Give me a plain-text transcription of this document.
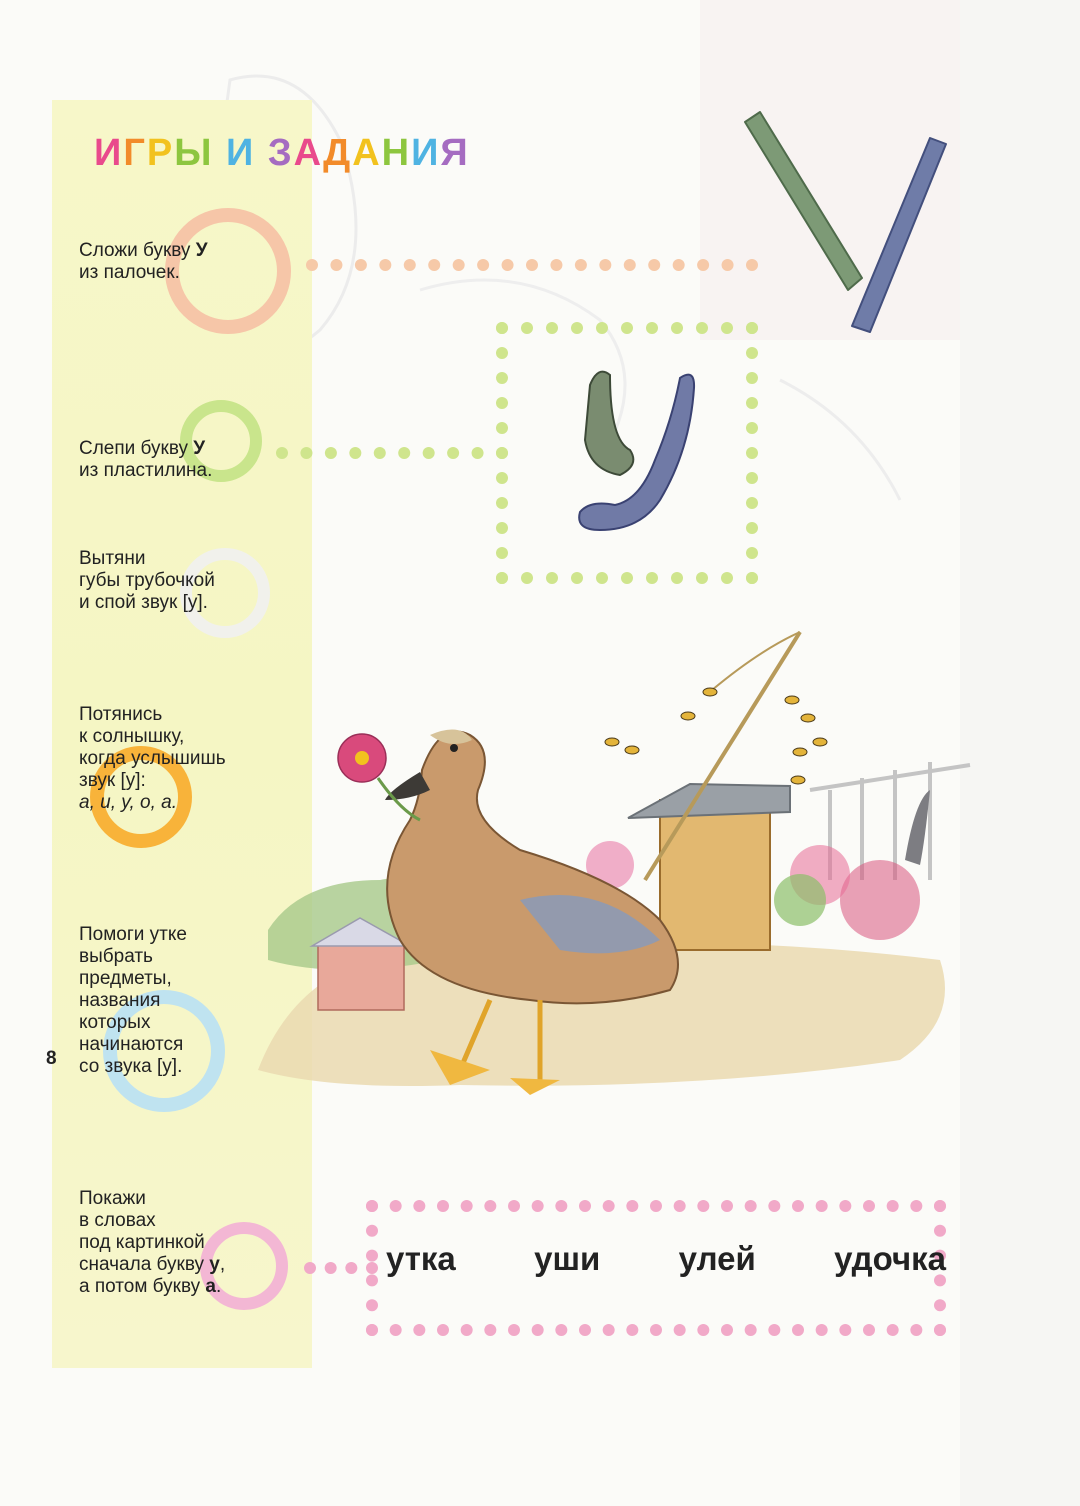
ИГРЫ И ЗАДАНИЯ

Сложи букву У
из палочек.

Слепи букву У
из пластилина.

Вытяни
губы трубочкой
и спой звук [у].

Потянись
к солнышку,
когда услышишь
звук [у]:
а, и, у, о, а.

Помоги утке
выбрать
предметы,
названия
которых
начинаются
со звука [у].

Покажи
в словах
под картинкой
сначала букву у,
а потом букву а.

утка уши улей удочка
8
